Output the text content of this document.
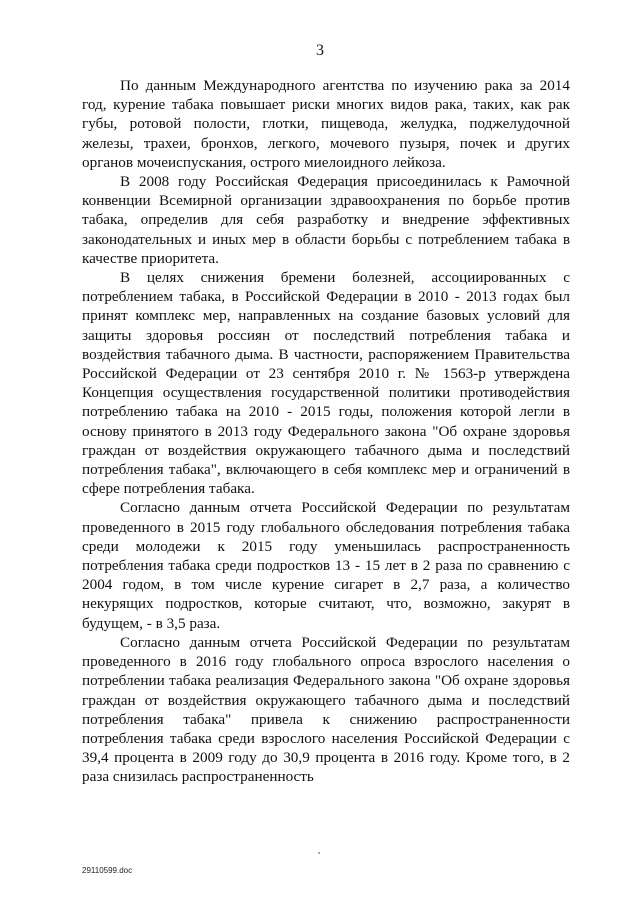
3

По данным Международного агентства по изучению рака за 2014 год, курение табака повышает риски многих видов рака, таких, как рак губы, ротовой полости, глотки, пищевода, желудка, поджелудочной железы, трахеи, бронхов, легкого, мочевого пузыря, почек и других органов мочеиспускания, острого миелоидного лейкоза.

В 2008 году Российская Федерация присоединилась к Рамочной конвенции Всемирной организации здравоохранения по борьбе против табака, определив для себя разработку и внедрение эффективных законодательных и иных мер в области борьбы с потреблением табака в качестве приоритета.

В целях снижения бремени болезней, ассоциированных с потреблением табака, в Российской Федерации в 2010 - 2013 годах был принят комплекс мер, направленных на создание базовых условий для защиты здоровья россиян от последствий потребления табака и воздействия табачного дыма. В частности, распоряжением Правительства Российской Федерации от 23 сентября 2010 г. № 1563-р утверждена Концепция осуществления государственной политики противодействия потреблению табака на 2010 - 2015 годы, положения которой легли в основу принятого в 2013 году Федерального закона "Об охране здоровья граждан от воздействия окружающего табачного дыма и последствий потребления табака", включающего в себя комплекс мер и ограничений в сфере потребления табака.

Согласно данным отчета Российской Федерации по результатам проведенного в 2015 году глобального обследования потребления табака среди молодежи к 2015 году уменьшилась распространенность потребления табака среди подростков 13 - 15 лет в 2 раза по сравнению с 2004 годом, в том числе курение сигарет в 2,7 раза, а количество некурящих подростков, которые считают, что, возможно, закурят в будущем, - в 3,5 раза.

Согласно данным отчета Российской Федерации по результатам проведенного в 2016 году глобального опроса взрослого населения о потреблении табака реализация Федерального закона "Об охране здоровья граждан от воздействия окружающего табачного дыма и последствий потребления табака" привела к снижению распространенности потребления табака среди взрослого населения Российской Федерации с 39,4 процента в 2009 году до 30,9 процента в 2016 году. Кроме того, в 2 раза снизилась распространенность

29110599.doc
